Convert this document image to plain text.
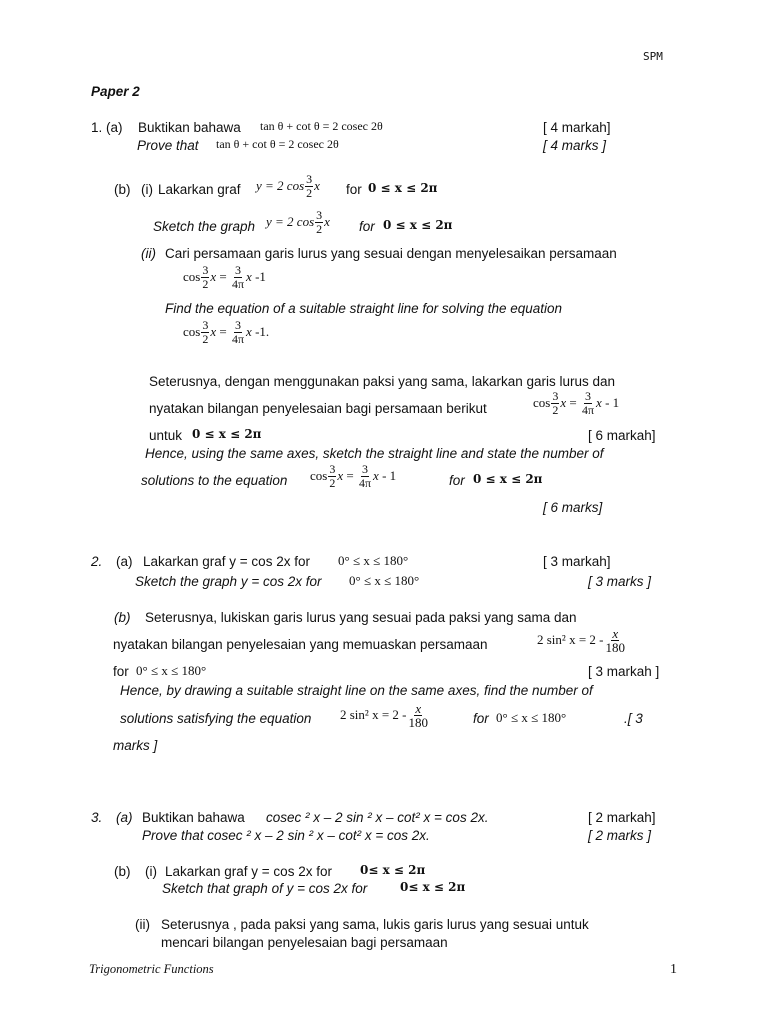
SPM
Paper 2
1. (a) Buktikan bahawa tan θ + cot θ = 2 cosec 2θ	[ 4 markah]
Prove that tan θ + cot θ = 2 cosec 2θ	[ 4 marks ]
(b) (i) Lakarkan graf y = 2 $\cos \frac{3}{2}$ x for 0 ≤ x ≤ 2π
Sketch the graph y = 2 $\cos \frac{3}{2}$ x for 0 ≤ x ≤ 2π
(ii) Cari persamaan garis lurus yang sesuai dengan menyelesaikan persamaan
$\cos \frac{3}{2}$ $x = \frac{3}{4\pi}$ x -1
Find the equation of a suitable straight line for solving the equation
$\cos \frac{3}{2}$ $x = \frac{3}{4\pi}$ x -1.
Seterusnya, dengan menggunakan paksi yang sama, lakarkan garis lurus dan
nyatakan bilangan penyelesaian bagi persamaan berikut	$\cos \frac{3}{2}$ $x = \frac{3}{4\pi}$ x - 1
untuk 0 ≤ x ≤ 2π	[ 6 markah]
Hence, using the same axes, sketch the straight line and state the number of
solutions to the equation $\cos \frac{3}{2}$ $x = \frac{3}{4\pi}$ x - 1	for 0 ≤ x ≤ 2π
[ 6 marks]
2. (a) Lakarkan graf y = cos 2x for 0° ≤ x ≤ 180°	[ 3 markah]
Sketch the graph y = cos 2x for 0° ≤ x ≤ 180°	[ 3 marks ]
(b) Seterusnya, lukiskan garis lurus yang sesuai pada paksi yang sama dan
nyatakan bilangan penyelesaian yang memuaskan persamaan	2 sin² $x = 2 - \frac{x}{180}$
for 0° ≤ x ≤ 180°	[ 3 markah ]
Hence, by drawing a suitable straight line on the same axes, find the number of
solutions satisfying the equation 2 sin² $x = 2 - \frac{x}{180}$	for 0° ≤ x ≤ 180°	.[ 3
marks ]
3. (a) Buktikan bahawa cosec ² x – 2 sin ² x – cot² x = cos 2x.	[ 2 markah]
Prove that cosec ² x – 2 sin ² x – cot² x = cos 2x.	[ 2 marks ]
(b) (i) Lakarkan graf y = cos 2x for 0≤ x ≤ 2π
Sketch that graph of y = cos 2x for	0≤ x ≤ 2π
(ii) Seterusnya , pada paksi yang sama, lukis garis lurus yang sesuai untuk
mencari bilangan penyelesaian bagi persamaan
Trigonometric Functions	1
